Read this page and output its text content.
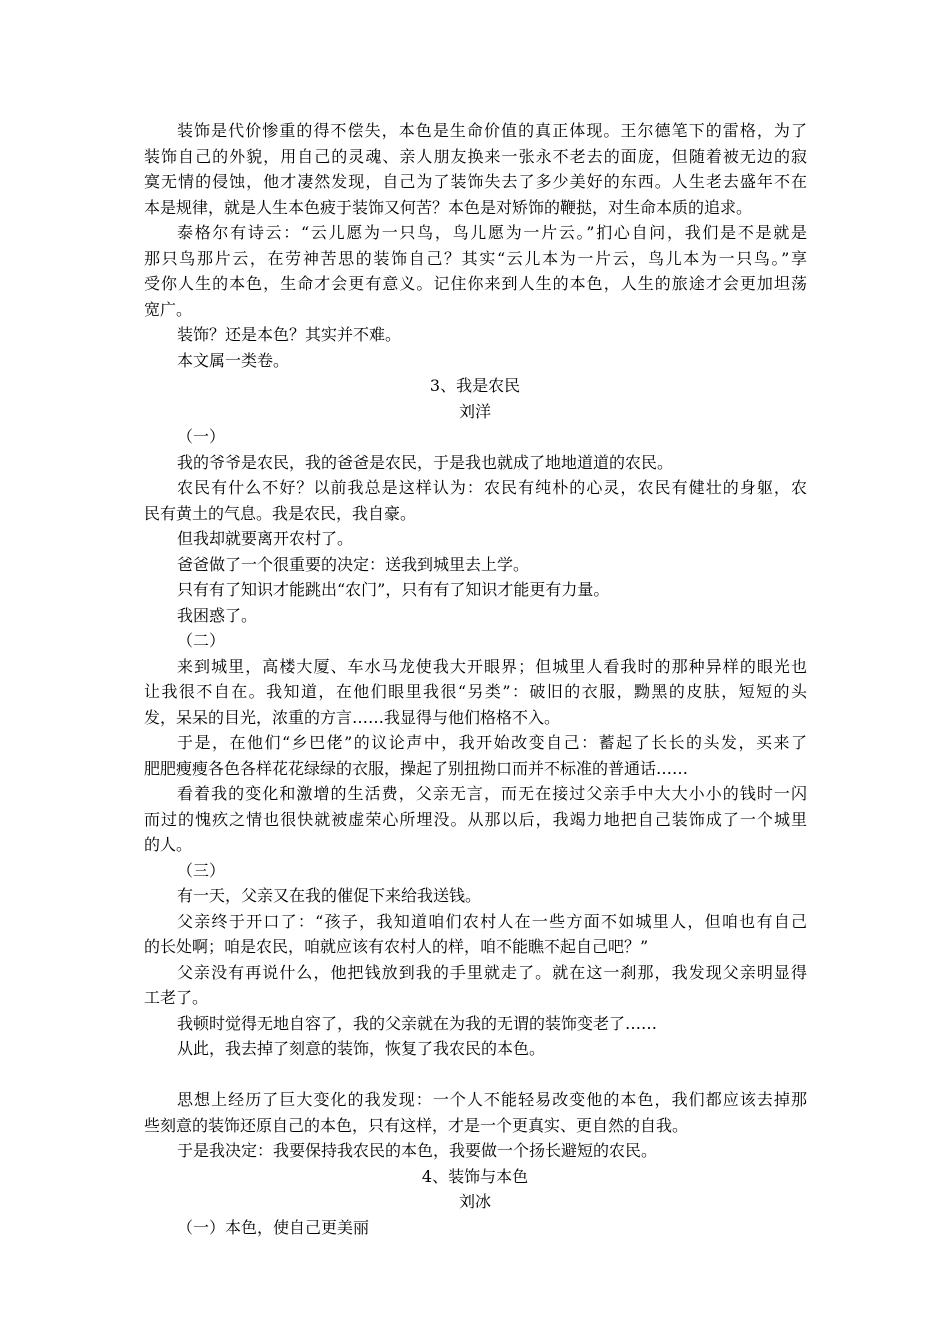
装饰是代价惨重的得不偿失，本色是生命价值的真正体现。王尔德笔下的雷格，为了
装饰自己的外貌，用自己的灵魂、亲人朋友换来一张永不老去的面庞，但随着被无边的寂
寞无情的侵蚀，他才凄然发现，自己为了装饰失去了多少美好的东西。人生老去盛年不在
本是规律，就是人生本色疲于装饰又何苦？本色是对矫饰的鞭挞，对生命本质的追求。
泰格尔有诗云：“云儿愿为一只鸟，鸟儿愿为一片云。”扪心自问，我们是不是就是
那只鸟那片云，在劳神苦思的装饰自己？其实“云儿本为一片云，鸟儿本为一只鸟。”享
受你人生的本色，生命才会更有意义。记住你来到人生的本色，人生的旅途才会更加坦荡
宽广。
装饰？还是本色？其实并不难。
本文属一类卷。
3、我是农民
刘洋
（一）
我的爷爷是农民，我的爸爸是农民，于是我也就成了地地道道的农民。
农民有什么不好？以前我总是这样认为：农民有纯朴的心灵，农民有健壮的身躯，农
民有黄土的气息。我是农民，我自豪。
但我却就要离开农村了。
爸爸做了一个很重要的决定：送我到城里去上学。
只有有了知识才能跳出“农门”，只有有了知识才能更有力量。
我困惑了。
（二）
来到城里，高楼大厦、车水马龙使我大开眼界；但城里人看我时的那种异样的眼光也
让我很不自在。我知道，在他们眼里我很“另类”：破旧的衣服，黝黑的皮肤，短短的头
发，呆呆的目光，浓重的方言……我显得与他们格格不入。
于是，在他们“乡巴佬”的议论声中，我开始改变自己：蓄起了长长的头发，买来了
肥肥瘦瘦各色各样花花绿绿的衣服，操起了别扭拗口而并不标准的普通话……
看着我的变化和激增的生活费，父亲无言，而无在接过父亲手中大大小小的钱时一闪
而过的愧疚之情也很快就被虚荣心所埋没。从那以后，我竭力地把自己装饰成了一个城里
的人。
（三）
有一天，父亲又在我的催促下来给我送钱。
父亲终于开口了：“孩子，我知道咱们农村人在一些方面不如城里人，但咱也有自己
的长处啊；咱是农民，咱就应该有农村人的样，咱不能瞧不起自己吧？”
父亲没有再说什么，他把钱放到我的手里就走了。就在这一刹那，我发现父亲明显得
工老了。
我顿时觉得无地自容了，我的父亲就在为我的无谓的装饰变老了……
从此，我去掉了刻意的装饰，恢复了我农民的本色。
思想上经历了巨大变化的我发现：一个人不能轻易改变他的本色，我们都应该去掉那
些刻意的装饰还原自己的本色，只有这样，才是一个更真实、更自然的自我。
于是我决定：我要保持我农民的本色，我要做一个扬长避短的农民。
4、装饰与本色
刘冰
（一）本色，使自己更美丽
